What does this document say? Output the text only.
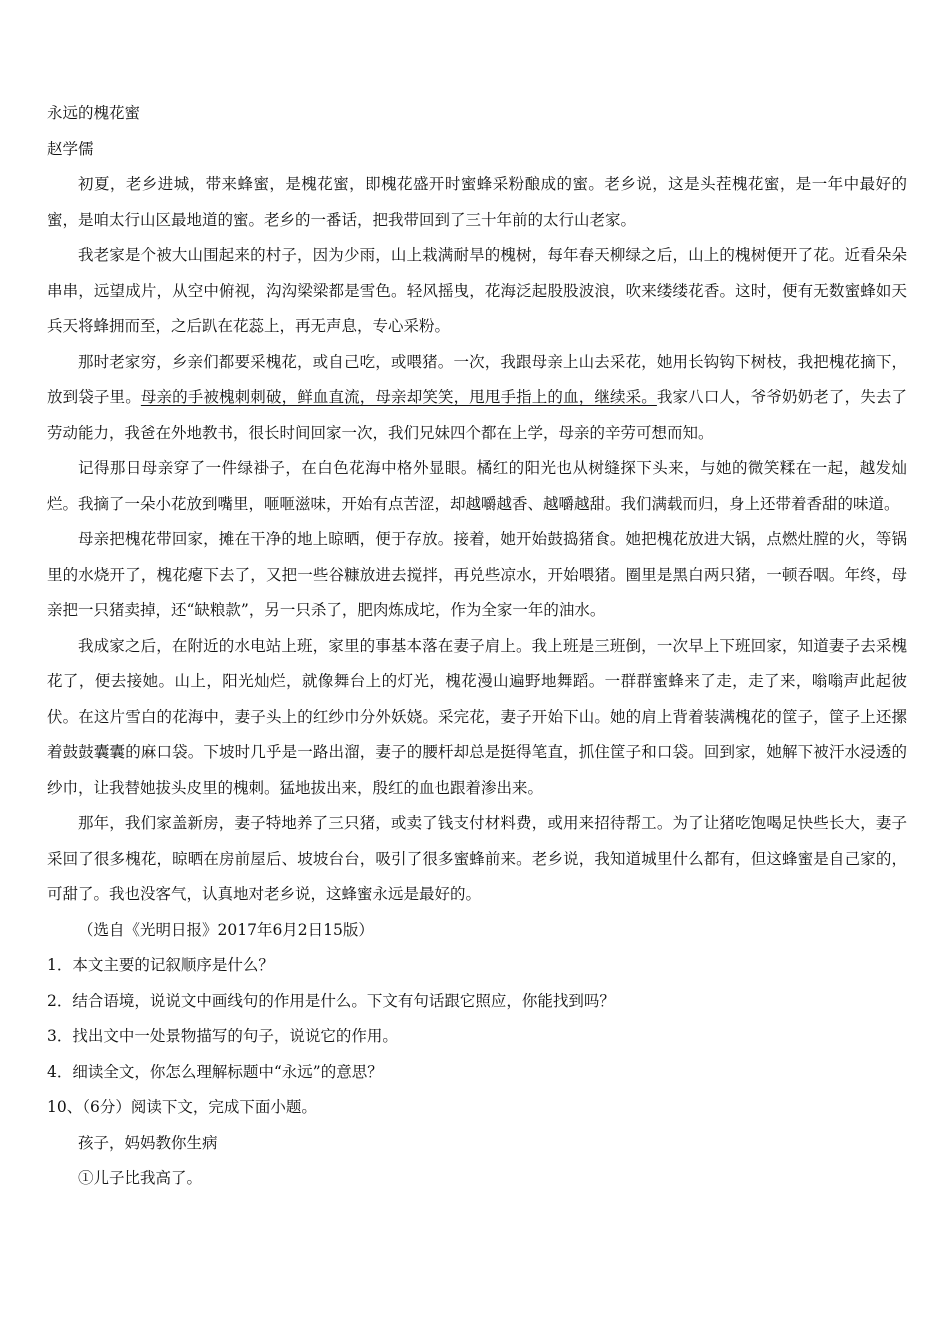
永远的槐花蜜
赵学儒

初夏，老乡进城，带来蜂蜜，是槐花蜜，即槐花盛开时蜜蜂采粉酿成的蜜。老乡说，这是头茬槐花蜜，是一年中最好的蜜，是咱太行山区最地道的蜜。老乡的一番话，把我带回到了三十年前的太行山老家。

我老家是个被大山围起来的村子，因为少雨，山上栽满耐旱的槐树，每年春天柳绿之后，山上的槐树便开了花。近看朵朵串串，远望成片，从空中俯视，沟沟梁梁都是雪色。轻风摇曳，花海泛起股股波浪，吹来缕缕花香。这时，便有无数蜜蜂如天兵天将蜂拥而至，之后趴在花蕊上，再无声息，专心采粉。

那时老家穷，乡亲们都要采槐花，或自己吃，或喂猪。一次，我跟母亲上山去采花，她用长钩钩下树枝，我把槐花摘下，放到袋子里。母亲的手被槐刺刺破，鲜血直流，母亲却笑笑，甩甩手指上的血，继续采。我家八口人，爷爷奶奶老了，失去了劳动能力，我爸在外地教书，很长时间回家一次，我们兄妹四个都在上学，母亲的辛劳可想而知。

记得那日母亲穿了一件绿褂子，在白色花海中格外显眼。橘红的阳光也从树缝探下头来，与她的微笑糅在一起，越发灿烂。我摘了一朵小花放到嘴里，咂咂滋味，开始有点苦涩，却越嚼越香、越嚼越甜。我们满载而归，身上还带着香甜的味道。

母亲把槐花带回家，摊在干净的地上晾晒，便于存放。接着，她开始鼓捣猪食。她把槐花放进大锅，点燃灶膛的火，等锅里的水烧开了，槐花瘪下去了，又把一些谷糠放进去搅拌，再兑些凉水，开始喂猪。圈里是黑白两只猪，一顿吞咽。年终，母亲把一只猪卖掉，还“缺粮款”，另一只杀了，肥肉炼成坨，作为全家一年的油水。

我成家之后，在附近的水电站上班，家里的事基本落在妻子肩上。我上班是三班倒，一次早上下班回家，知道妻子去采槐花了，便去接她。山上，阳光灿烂，就像舞台上的灯光，槐花漫山遍野地舞蹈。一群群蜜蜂来了走，走了来，嗡嗡声此起彼伏。在这片雪白的花海中，妻子头上的红纱巾分外妖娆。采完花，妻子开始下山。她的肩上背着装满槐花的筐子，筐子上还摞着鼓鼓囊囊的麻口袋。下坡时几乎是一路出溜，妻子的腰杆却总是挺得笔直，抓住筐子和口袋。回到家，她解下被汗水浸透的纱巾，让我替她拔头皮里的槐刺。猛地拔出来，殷红的血也跟着渗出来。

那年，我们家盖新房，妻子特地养了三只猪，或卖了钱支付材料费，或用来招待帮工。为了让猪吃饱喝足快些长大，妻子采回了很多槐花，晾晒在房前屋后、坡坡台台，吸引了很多蜜蜂前来。老乡说，我知道城里什么都有，但这蜂蜜是自己家的，可甜了。我也没客气，认真地对老乡说，这蜂蜜永远是最好的。

（选自《光明日报》2017年6月2日15版）
1．本文主要的记叙顺序是什么？
2．结合语境，说说文中画线句的作用是什么。下文有句话跟它照应，你能找到吗？
3．找出文中一处景物描写的句子，说说它的作用。
4．细读全文，你怎么理解标题中“永远”的意思？
10、（6分）阅读下文，完成下面小题。
孩子，妈妈教你生病
①儿子比我高了。
